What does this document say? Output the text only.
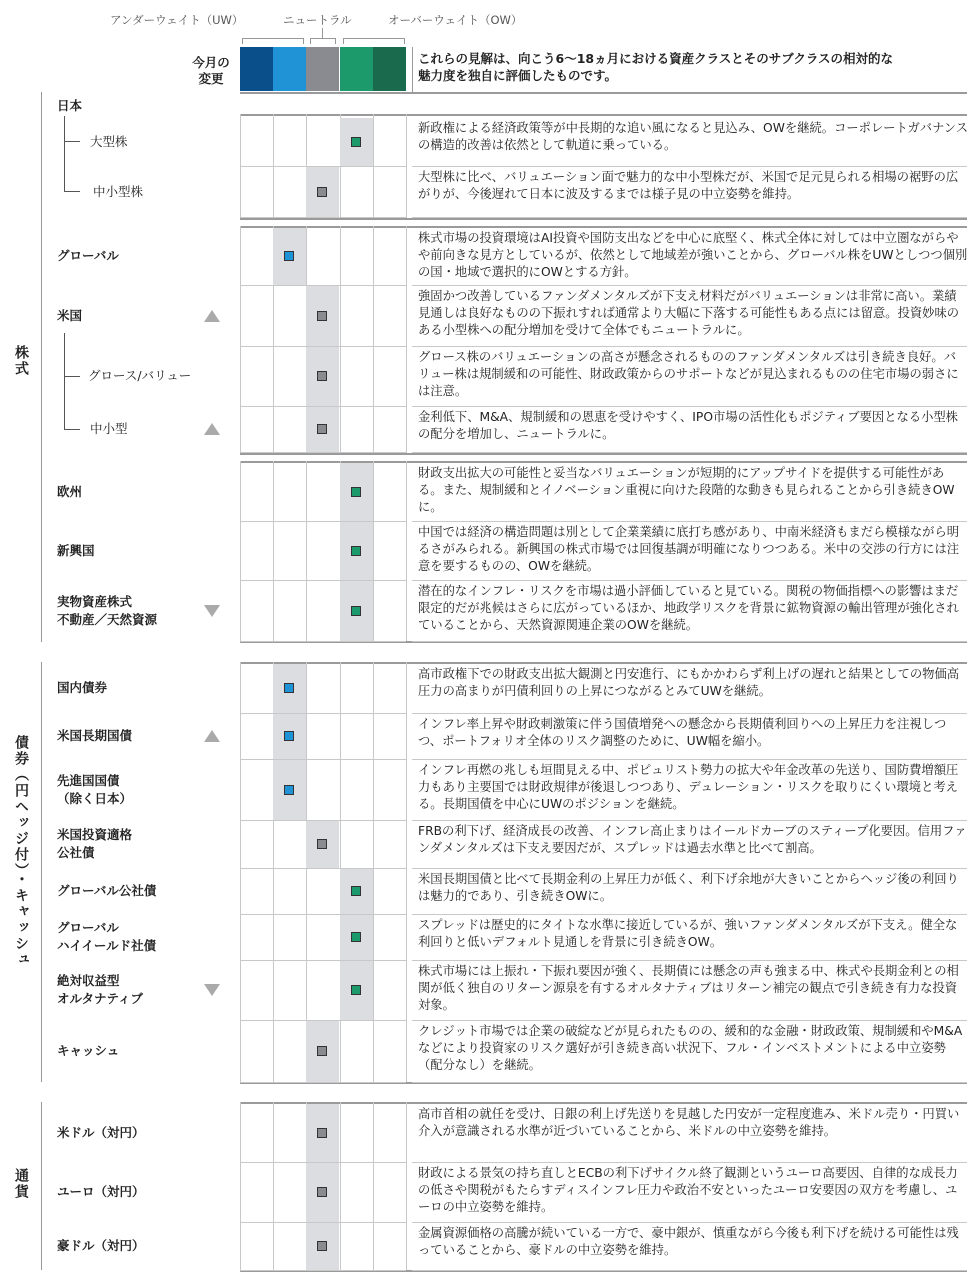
アンダーウェイト（UW）	ニュートラル	オーバーウェイト（OW）
今月の
変更
これらの見解は、向こう6～18ヵ月における資産クラスとそのサブクラスの相対的な
魅力度を独自に評価したものです。
株式
債券（円ヘッジ付）・キャッシュ
通貨
大型株
新政権による経済政策等が中長期的な追い風になると見込み、OWを継続。コーポレートガバナンスの構造的改善は依然として軌道に乗っている。
中小型株
大型株に比べ、バリュエーション面で魅力的な中小型株だが、米国で足元見られる相場の裾野の広がりが、今後遅れて日本に波及するまでは様子見の中立姿勢を維持。
グローバル
株式市場の投資環境はAI投資や国防支出などを中心に底堅く、株式全体に対しては中立圏ながらやや前向きな見方としているが、依然として地域差が強いことから、グローバル株をUWとしつつ個別の国・地域で選択的にOWとする方針。
米国
強固かつ改善しているファンダメンタルズが下支え材料だがバリュエーションは非常に高い。業績見通しは良好なものの下振れすれば通常より大幅に下落する可能性もある点には留意。投資妙味のある小型株への配分増加を受けて全体でもニュートラルに。
グロース/バリュー
グロース株のバリュエーションの高さが懸念されるもののファンダメンタルズは引き続き良好。バリュー株は規制緩和の可能性、財政政策からのサポートなどが見込まれるものの住宅市場の弱さには注意。
中小型
金利低下、M&A、規制緩和の恩恵を受けやすく、IPO市場の活性化もポジティブ要因となる小型株の配分を増加し、ニュートラルに。
欧州
財政支出拡大の可能性と妥当なバリュエーションが短期的にアップサイドを提供する可能性がある。また、規制緩和とイノベーション重視に向けた段階的な動きも見られることから引き続きOWに。
新興国
中国では経済の構造問題は別として企業業績に底打ち感があり、中南米経済もまだら模様ながら明るさがみられる。新興国の株式市場では回復基調が明確になりつつある。米中の交渉の行方には注意を要するものの、OWを継続。
実物資産株式
不動産／天然資源
潜在的なインフレ・リスクを市場は過小評価していると見ている。関税の物価指標への影響はまだ限定的だが兆候はさらに広がっているほか、地政学リスクを背景に鉱物資源の輸出管理が強化されていることから、天然資源関連企業のOWを継続。
国内債券
高市政権下での財政支出拡大観測と円安進行、にもかかわらず利上げの遅れと結果としての物価高圧力の高まりが円債利回りの上昇につながるとみてUWを継続。
米国長期国債
インフレ率上昇や財政刺激策に伴う国債増発への懸念から長期債利回りへの上昇圧力を注視しつつ、ポートフォリオ全体のリスク調整のために、UW幅を縮小。
先進国国債
（除く日本）
インフレ再燃の兆しも垣間見える中、ポピュリスト勢力の拡大や年金改革の先送り、国防費増額圧力もあり主要国では財政規律が後退しつつあり、デュレーション・リスクを取りにくい環境と考える。長期国債を中心にUWのポジションを継続。
米国投資適格
公社債
FRBの利下げ、経済成長の改善、インフレ高止まりはイールドカーブのスティープ化要因。信用ファンダメンタルズは下支え要因だが、スプレッドは過去水準と比べて割高。
グローバル公社債
米国長期国債と比べて長期金利の上昇圧力が低く、利下げ余地が大きいことからヘッジ後の利回りは魅力的であり、引き続きOWに。
グローバル
ハイイールド社債
スプレッドは歴史的にタイトな水準に接近しているが、強いファンダメンタルズが下支え。健全な利回りと低いデフォルト見通しを背景に引き続きOW。
絶対収益型
オルタナティブ
株式市場には上振れ・下振れ要因が強く、長期債には懸念の声も強まる中、株式や長期金利との相関が低く独自のリターン源泉を有するオルタナティブはリターン補完の観点で引き続き有力な投資対象。
キャッシュ
クレジット市場では企業の破綻などが見られたものの、緩和的な金融・財政政策、規制緩和やM&Aなどにより投資家のリスク選好が引き続き高い状況下、フル・インベストメントによる中立姿勢（配分なし）を継続。
米ドル（対円）
高市首相の就任を受け、日銀の利上げ先送りを見越した円安が一定程度進み、米ドル売り・円買い介入が意識される水準が近づいていることから、米ドルの中立姿勢を維持。
ユーロ（対円）
財政による景気の持ち直しとECBの利下げサイクル終了観測というユーロ高要因、自律的な成長力の低さや関税がもたらすディスインフレ圧力や政治不安といったユーロ安要因の双方を考慮し、ユーロの中立姿勢を維持。
豪ドル（対円）
金属資源価格の高騰が続いている一方で、豪中銀が、慎重ながら今後も利下げを続ける可能性は残っていることから、豪ドルの中立姿勢を維持。
日本
